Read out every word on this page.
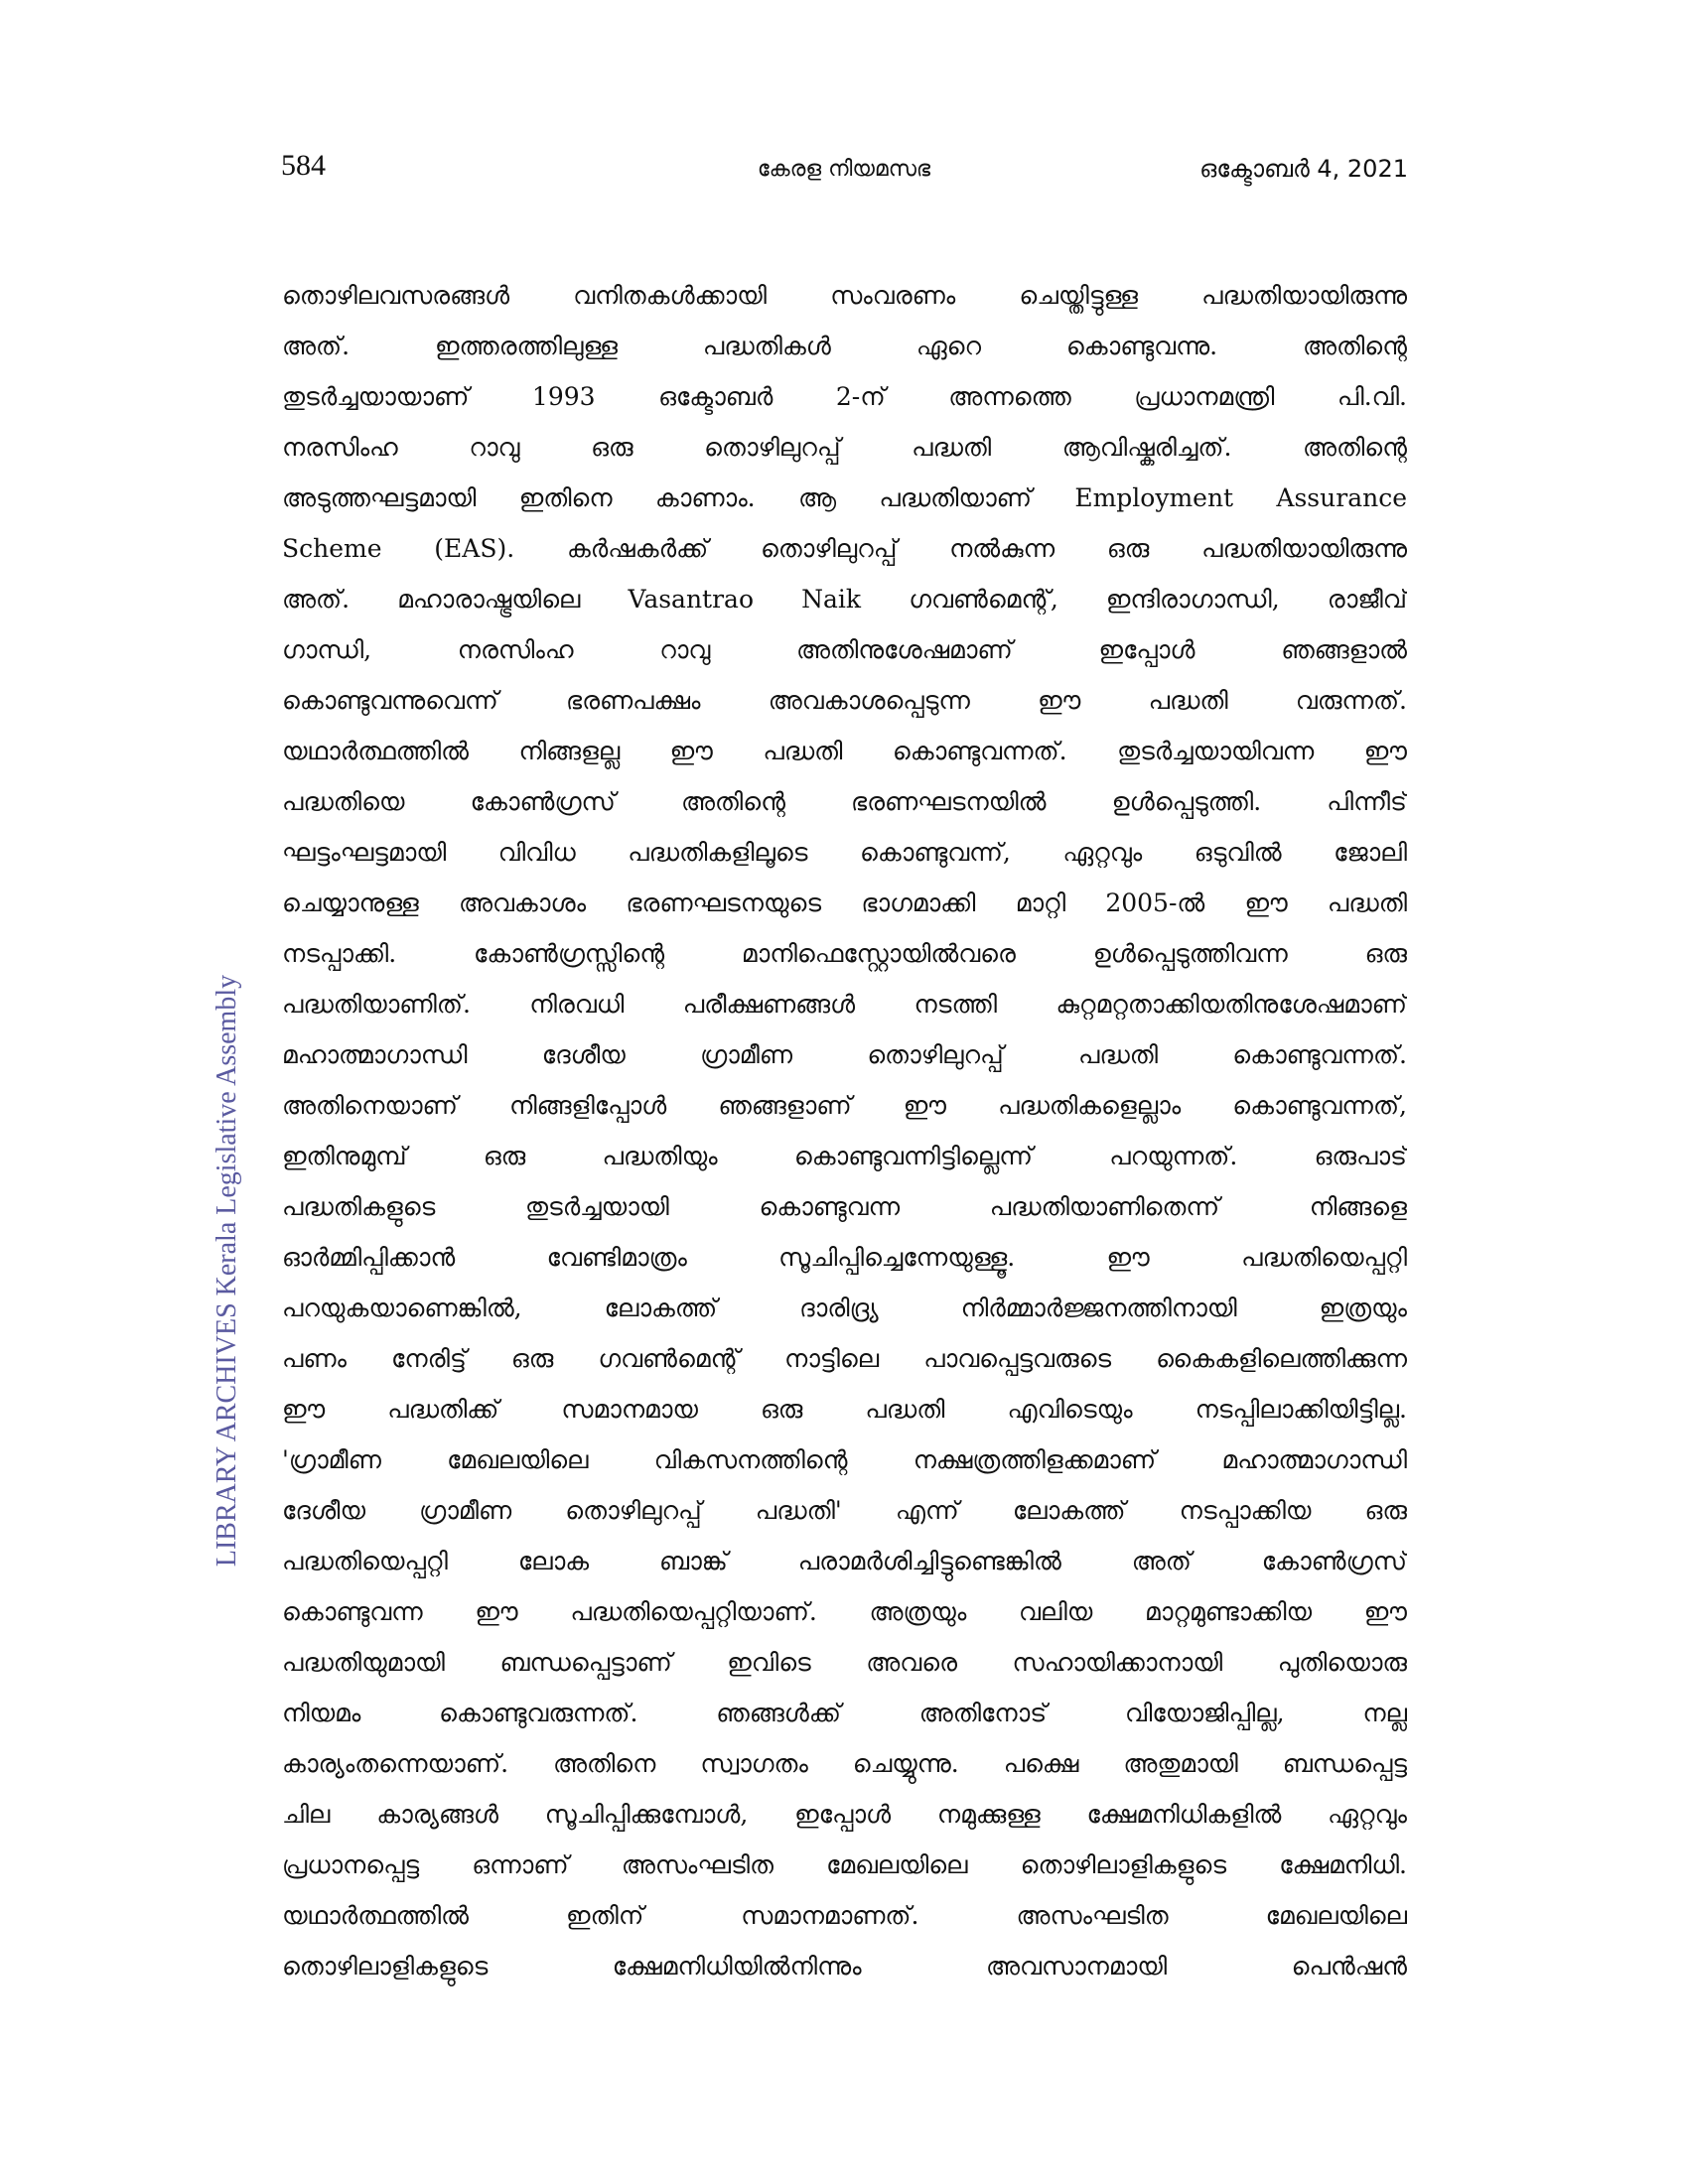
584	കേരള നിയമസഭ	ഒക്ടോബർ 4, 2021
LIBRARY ARCHIVES Kerala Legislative Assembly
തൊഴിലവസരങ്ങൾ വനിതകൾക്കായി സംവരണം ചെയ്തിട്ടുള്ള പദ്ധതിയായിരുന്നു
അത്. ഇത്തരത്തിലുള്ള പദ്ധതികൾ ഏറെ കൊണ്ടുവന്നു. അതിന്റെ
തുടർച്ചയായാണ് 1993 ഒക്ടോബർ 2-ന് അന്നത്തെ പ്രധാനമന്ത്രി പി.വി.
നരസിംഹ റാവു ഒരു തൊഴിലുറപ്പ് പദ്ധതി ആവിഷ്കരിച്ചത്. അതിന്റെ
അടുത്തഘട്ടമായി ഇതിനെ കാണാം. ആ പദ്ധതിയാണ് Employment Assurance
Scheme (EAS). കർഷകർക്ക് തൊഴിലുറപ്പ് നൽകുന്ന ഒരു പദ്ധതിയായിരുന്നു
അത്. മഹാരാഷ്ട്രയിലെ Vasantrao Naik ഗവൺമെന്റ്, ഇന്ദിരാഗാന്ധി, രാജീവ്
ഗാന്ധി, നരസിംഹ റാവു അതിനുശേഷമാണ് ഇപ്പോൾ ഞങ്ങളാൽ
കൊണ്ടുവന്നുവെന്ന് ഭരണപക്ഷം അവകാശപ്പെടുന്ന ഈ പദ്ധതി വരുന്നത്.
യഥാർത്ഥത്തിൽ നിങ്ങളല്ല ഈ പദ്ധതി കൊണ്ടുവന്നത്. തുടർച്ചയായിവന്ന ഈ
പദ്ധതിയെ കോൺഗ്രസ് അതിന്റെ ഭരണഘടനയിൽ ഉൾപ്പെടുത്തി. പിന്നീട്
ഘട്ടംഘട്ടമായി വിവിധ പദ്ധതികളിലൂടെ കൊണ്ടുവന്ന്, ഏറ്റവും ഒടുവിൽ ജോലി
ചെയ്യാനുള്ള അവകാശം ഭരണഘടനയുടെ ഭാഗമാക്കി മാറ്റി 2005-ൽ ഈ പദ്ധതി
നടപ്പാക്കി. കോൺഗ്രസ്സിന്റെ മാനിഫെസ്റ്റോയിൽവരെ ഉൾപ്പെടുത്തിവന്ന ഒരു
പദ്ധതിയാണിത്. നിരവധി പരീക്ഷണങ്ങൾ നടത്തി കുറ്റമറ്റതാക്കിയതിനുശേഷമാണ്
മഹാത്മാഗാന്ധി ദേശീയ ഗ്രാമീണ തൊഴിലുറപ്പ് പദ്ധതി കൊണ്ടുവന്നത്.
അതിനെയാണ് നിങ്ങളിപ്പോൾ ഞങ്ങളാണ് ഈ പദ്ധതികളെല്ലാം കൊണ്ടുവന്നത്,
ഇതിനുമുമ്പ് ഒരു പദ്ധതിയും കൊണ്ടുവന്നിട്ടില്ലെന്ന് പറയുന്നത്. ഒരുപാട്
പദ്ധതികളുടെ തുടർച്ചയായി കൊണ്ടുവന്ന പദ്ധതിയാണിതെന്ന് നിങ്ങളെ
ഓർമ്മിപ്പിക്കാൻ വേണ്ടിമാത്രം സൂചിപ്പിച്ചെന്നേയുള്ളൂ. ഈ പദ്ധതിയെപ്പറ്റി
പറയുകയാണെങ്കിൽ, ലോകത്ത് ദാരിദ്ര്യ നിർമ്മാർജ്ജനത്തിനായി ഇത്രയും
പണം നേരിട്ട് ഒരു ഗവൺമെന്റ് നാട്ടിലെ പാവപ്പെട്ടവരുടെ കൈകളിലെത്തിക്കുന്ന
ഈ പദ്ധതിക്ക് സമാനമായ ഒരു പദ്ധതി എവിടെയും നടപ്പിലാക്കിയിട്ടില്ല.
'ഗ്രാമീണ മേഖലയിലെ വികസനത്തിന്റെ നക്ഷത്രത്തിളക്കമാണ് മഹാത്മാഗാന്ധി
ദേശീയ ഗ്രാമീണ തൊഴിലുറപ്പ് പദ്ധതി' എന്ന് ലോകത്ത് നടപ്പാക്കിയ ഒരു
പദ്ധതിയെപ്പറ്റി ലോക ബാങ്ക് പരാമർശിച്ചിട്ടുണ്ടെങ്കിൽ അത് കോൺഗ്രസ്
കൊണ്ടുവന്ന ഈ പദ്ധതിയെപ്പറ്റിയാണ്. അത്രയും വലിയ മാറ്റമുണ്ടാക്കിയ ഈ
പദ്ധതിയുമായി ബന്ധപ്പെട്ടാണ് ഇവിടെ അവരെ സഹായിക്കാനായി പുതിയൊരു
നിയമം കൊണ്ടുവരുന്നത്. ഞങ്ങൾക്ക് അതിനോട് വിയോജിപ്പില്ല, നല്ല
കാര്യംതന്നെയാണ്. അതിനെ സ്വാഗതം ചെയ്യുന്നു. പക്ഷെ അതുമായി ബന്ധപ്പെട്ട
ചില കാര്യങ്ങൾ സൂചിപ്പിക്കുമ്പോൾ, ഇപ്പോൾ നമുക്കുള്ള ക്ഷേമനിധികളിൽ ഏറ്റവും
പ്രധാനപ്പെട്ട ഒന്നാണ് അസംഘടിത മേഖലയിലെ തൊഴിലാളികളുടെ ക്ഷേമനിധി.
യഥാർത്ഥത്തിൽ ഇതിന് സമാനമാണത്. അസംഘടിത മേഖലയിലെ
തൊഴിലാളികളുടെ ക്ഷേമനിധിയിൽനിന്നും അവസാനമായി പെൻഷൻ
